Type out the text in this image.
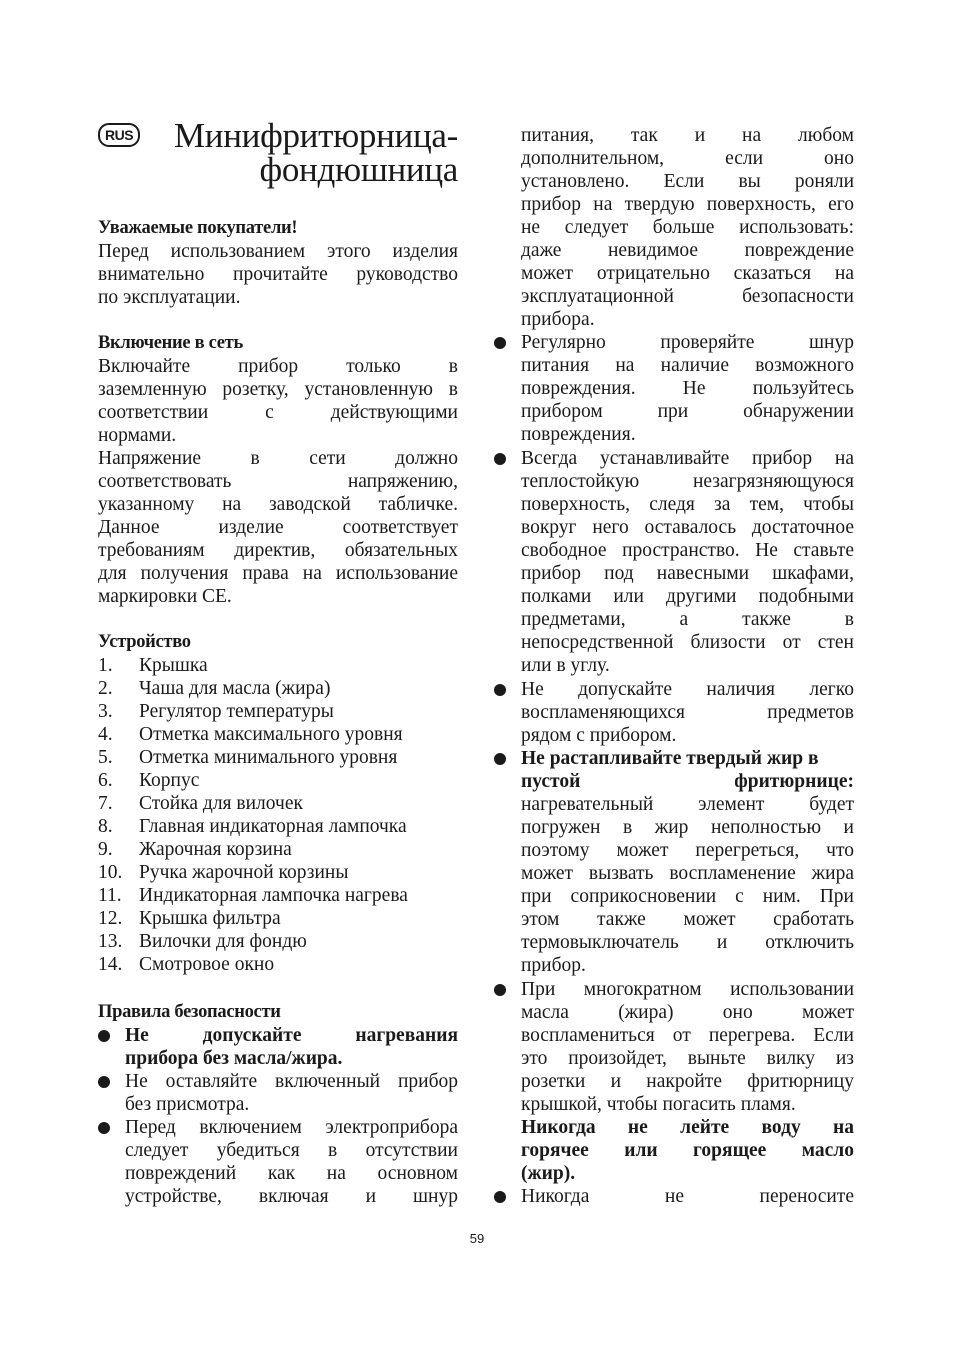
RUS	Минифритюрница-
фондюшница
Уважаемые покупатели!
Перед использованием этого изделия
внимательно прочитайте руководство
по эксплуатации.
Включение в сеть
Включайте прибор только в
заземленную розетку, установленную в
соответствии с действующими
нормами.
Напряжение в сети должно
соответствовать напряжению,
указанному на заводской табличке.
Данное изделие соответствует
требованиям директив, обязательных
для получения права на использование
маркировки СЕ.
Устройство
1.	Крышка
2.	Чаша для масла (жира)
3.	Регулятор температуры
4.	Отметка максимального уровня
5.	Отметка минимального уровня
6.	Корпус
7.	Стойка для вилочек
8.	Главная индикаторная лампочка
9.	Жарочная корзина
10. Ручка жарочной корзины
11. Индикаторная лампочка нагрева
12. Крышка фильтра
13. Вилочки для фондю
14. Смотровое окно
Правила безопасности
Не допускайте нагревания
прибора без масла/жира.
Не оставляйте включенный прибор
без присмотра.
Перед включением электроприбора
следует убедиться в отсутствии
повреждений как на основном
устройстве, включая и шнур
питания, так и на любом
дополнительном, если оно
установлено. Если вы роняли
прибор на твердую поверхность, его
не следует больше использовать:
даже невидимое повреждение
может отрицательно сказаться на
эксплуатационной безопасности
прибора.
Регулярно проверяйте шнур
питания на наличие возможного
повреждения. Не пользуйтесь
прибором при обнаружении
повреждения.
Всегда устанавливайте прибор на
теплостойкую незагрязняющуюся
поверхность, следя за тем, чтобы
вокруг него оставалось достаточное
свободное пространство. Не ставьте
прибор под навесными шкафами,
полками или другими подобными
предметами, а также в
непосредственной близости от стен
или в углу.
Не допускайте наличия легко
воспламеняющихся предметов
рядом с прибором.
Не растапливайте твердый жир в
пустой фритюрнице:
нагревательный элемент будет
погружен в жир неполностью и
поэтому может перегреться, что
может вызвать воспламенение жира
при соприкосновении с ним. При
этом также может сработать
термовыключатель и отключить
прибор.
При многократном использовании
масла (жира) оно может
воспламениться от перегрева. Если
это произойдет, выньте вилку из
розетки и накройте фритюрницу
крышкой, чтобы погасить пламя.
Никогда не лейте воду на
горячее или горящее масло
(жир).
Никогда не переносите
59
